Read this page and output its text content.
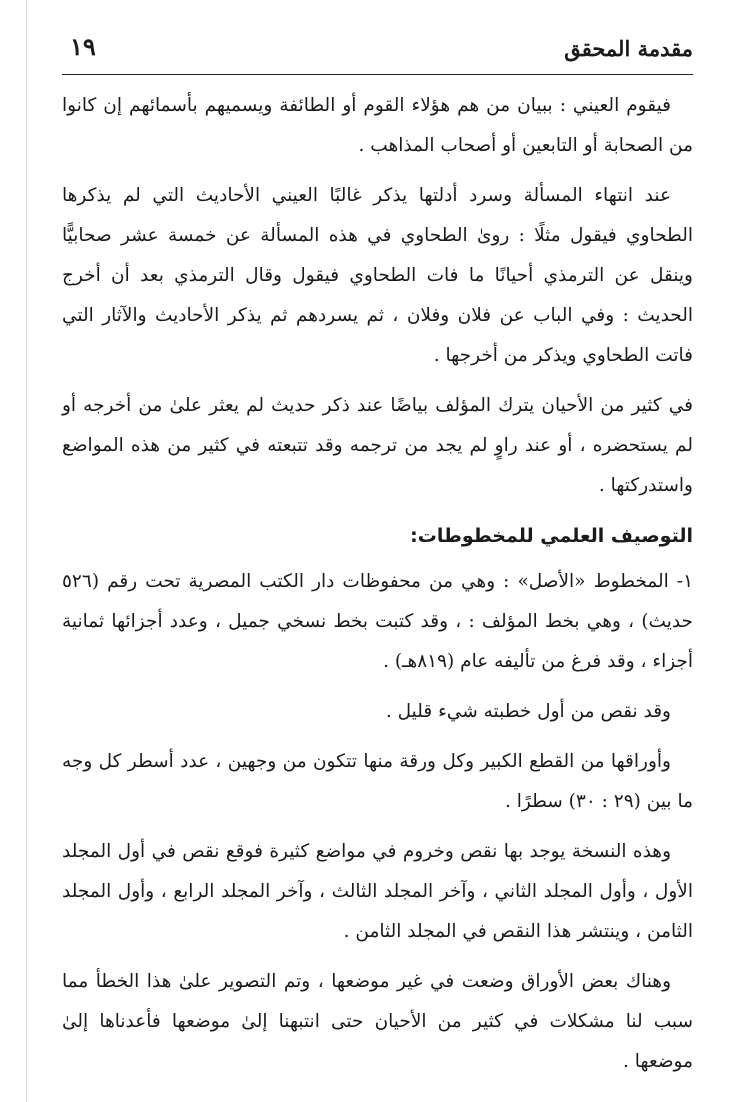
مقدمة المحقق
١٩

فيقوم العيني : ببيان من هم هؤلاء القوم أو الطائفة ويسميهم بأسمائهم إن كانوا من الصحابة أو التابعين أو أصحاب المذاهب .

عند انتهاء المسألة وسرد أدلتها يذكر غالبًا العيني الأحاديث التي لم يذكرها الطحاوي فيقول مثلًا : روىٰ الطحاوي في هذه المسألة عن خمسة عشر صحابيًّا وينقل عن الترمذي أحيانًا ما فات الطحاوي فيقول وقال الترمذي بعد أن أخرج الحديث : وفي الباب عن فلان وفلان ، ثم يسردهم ثم يذكر الأحاديث والآثار التي فاتت الطحاوي ويذكر من أخرجها .

في كثير من الأحيان يترك المؤلف بياضًا عند ذكر حديث لم يعثر علىٰ من أخرجه أو لم يستحضره ، أو عند راوٍ لم يجد من ترجمه وقد تتبعته في كثير من هذه المواضع واستدركتها .

التوصيف العلمي للمخطوطات:

١- المخطوط «الأصل» : وهي من محفوظات دار الكتب المصرية تحت رقم (٥٢٦ حديث) ، وهي بخط المؤلف : ، وقد كتبت بخط نسخي جميل ، وعدد أجزائها ثمانية أجزاء ، وقد فرغ من تأليفه عام (٨١٩هـ) .

وقد نقص من أول خطبته شيء قليل .

وأوراقها من القطع الكبير وكل ورقة منها تتكون من وجهين ، عدد أسطر كل وجه ما بين (٢٩ : ٣٠) سطرًا .

وهذه النسخة يوجد بها نقص وخروم في مواضع كثيرة فوقع نقص في أول المجلد الأول ، وأول المجلد الثاني ، وآخر المجلد الثالث ، وآخر المجلد الرابع ، وأول المجلد الثامن ، وينتشر هذا النقص في المجلد الثامن .

وهناك بعض الأوراق وضعت في غير موضعها ، وتم التصوير علىٰ هذا الخطأ مما سبب لنا مشكلات في كثير من الأحيان حتى انتبهنا إلىٰ موضعها فأعدناها إلىٰ موضعها .
